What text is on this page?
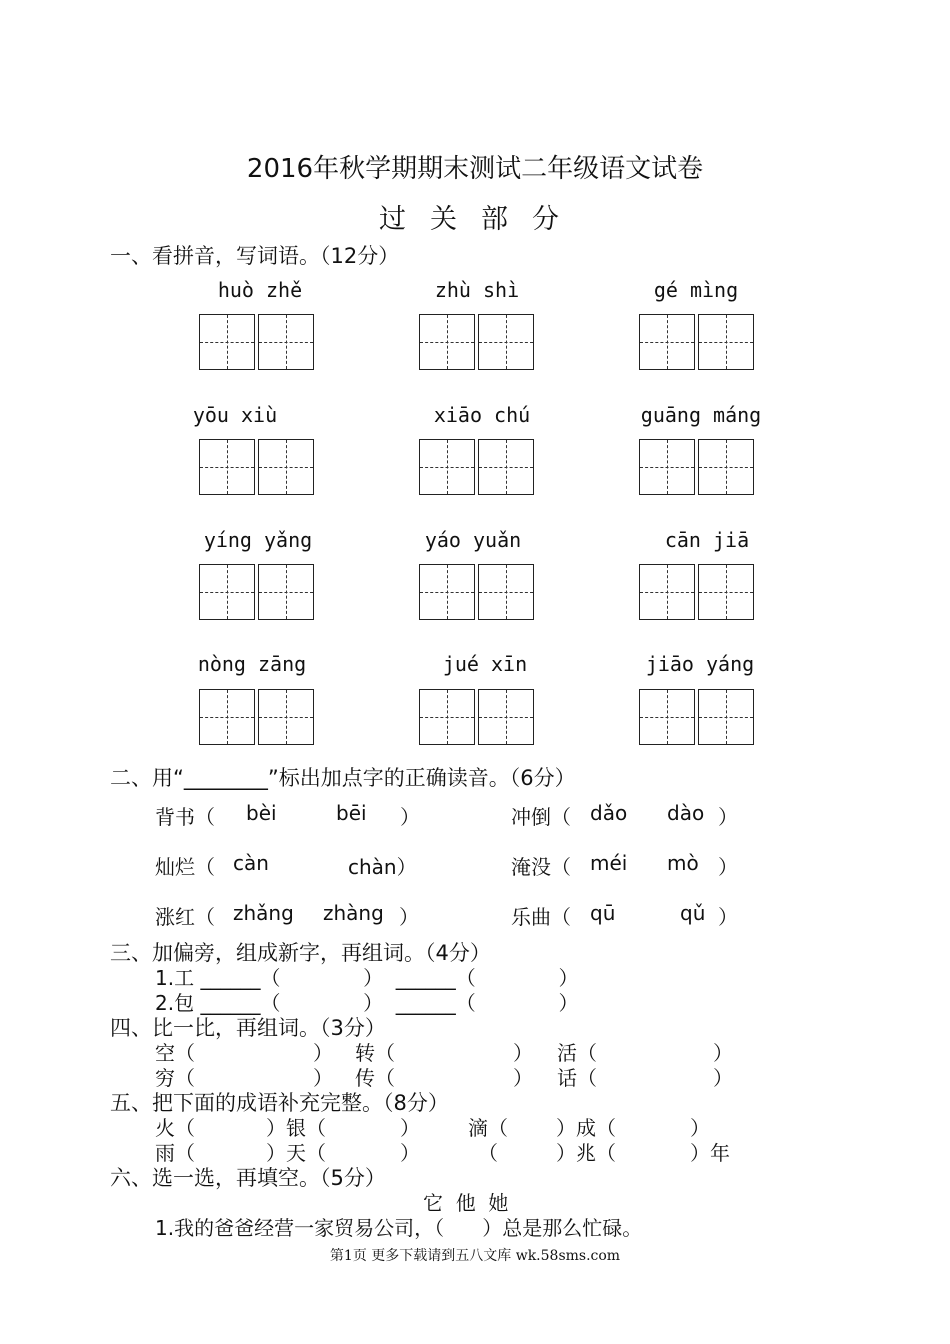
2016年秋学期期末测试二年级语文试卷
过关部分
一、看拼音，写词语。（12分）
huò zhě	zhù shì	gé mìng
yōu xiù	xiāo chú	guāng máng
yíng yǎng	yáo yuǎn	cān jiā
nòng zāng	jué xīn	jiāo yáng
二、用“________”标出加点字的正确读音。（6分）
背书（ bèi	bēi ）	冲倒（ dǎo dào ）
灿烂（ càn	chàn）	淹没（ méi mò ）
涨红（ zhǎng zhàng ）	乐曲（ qū	qǔ ）
三、加偏旁，组成新字，再组词。（4分）
1.工 ______（             ）  ______（             ）
2.包 ______（             ）  ______（             ）
四、比一比，再组词。（3分）
空（	） 转（	） 活（	）
穷（	） 传（	） 话（	）
五、把下面的成语补充完整。（8分）
火（	）银（	） 滴（ ）成（	）
雨（	）天（	）	（	）兆（	）年
六、选一选，再填空。（5分）
它  他  她
1.我的爸爸经营一家贸易公司，（      ）总是那么忙碌。
第1页 更多下载请到五八文库 wk.58sms.com
